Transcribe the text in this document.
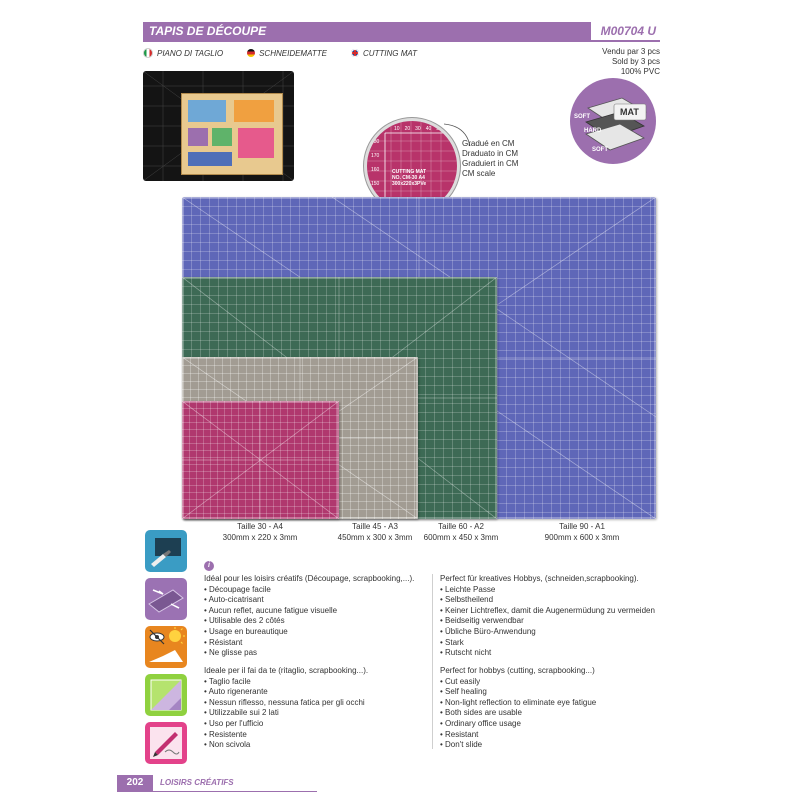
TAPIS DE DÉCOUPE	M00704 U
PIANO DI TAGLIO	SCHNEIDEMATTE	CUTTING MAT	Vendu par 3 pcs
Sold by 3 pcs
100% PVC
MAT
SOFT
HARD
SOFT
10 20 30 40 50
180
170
160
150
CUTTING MAT
NO. CM-30 A4
300x220x3PVe
Gradué en CM
Draduato in CM
Graduiert in CM
CM scale
Taille 30 - A4
300mm x 220 x 3mm
Taille 45 - A3
450mm x 300 x 3mm
Taille 60 - A2
600mm x 450 x 3mm
Taille 90 - A1
900mm x 600 x 3mm
i

Idéal pour les loisirs créatifs (Découpage, scrapbooking,...).

• Découpage facile
• Auto-cicatrisant
• Aucun reflet, aucune fatigue visuelle
• Utilisable des 2 côtés
• Usage en bureautique
• Résistant
• Ne glisse pas

Ideale per il fai da te (ritaglio, scrapbooking...).

• Taglio facile
• Auto rigenerante
• Nessun riflesso, nessuna fatica per gli occhi
• Utilizzabile sui 2 lati
• Uso per l'ufficio
• Resistente
• Non scivola

Perfect für kreatives Hobbys, (schneiden,scrapbooking).

• Leichte Passe
• Selbstheilend
• Keiner Lichtreflex, damit die Augenermüdung zu vermeiden
• Beidseitig verwendbar
• Übliche Büro-Anwendung
• Stark
• Rutscht nicht

Perfect for hobbys (cutting, scrapbooking...)

• Cut easily
• Self healing
• Non-light reflection to eliminate eye fatigue
• Both sides are usable
• Ordinary office usage
• Resistant
• Don't slide
202	LOISIRS CRÉATIFS
